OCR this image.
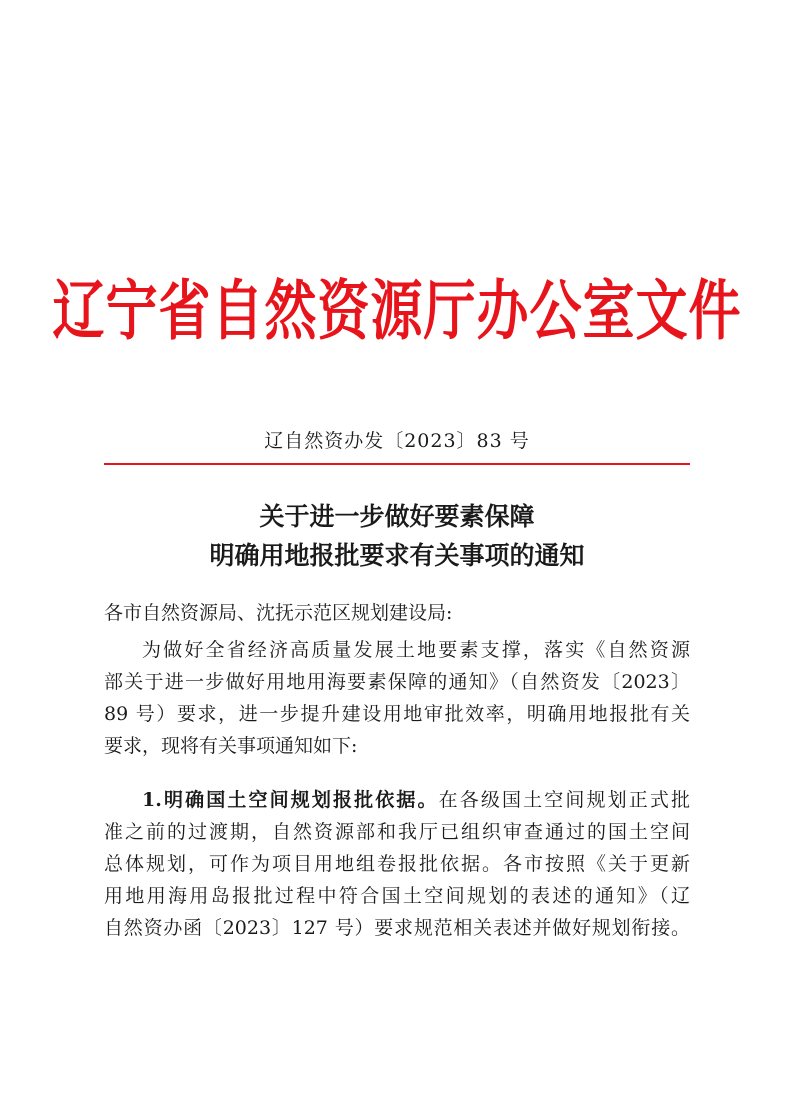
辽宁省自然资源厅办公室文件
辽自然资办发〔2023〕83 号
关于进一步做好要素保障
明确用地报批要求有关事项的通知
各市自然资源局、沈抚示范区规划建设局:
为做好全省经济高质量发展土地要素支撑，落实《自然资源
部关于进一步做好用地用海要素保障的通知》（自然资发〔2023〕
89 号）要求，进一步提升建设用地审批效率，明确用地报批有关
要求，现将有关事项通知如下:
1.明确国土空间规划报批依据。在各级国土空间规划正式批
准之前的过渡期，自然资源部和我厅已组织审查通过的国土空间
总体规划，可作为项目用地组卷报批依据。各市按照《关于更新
用地用海用岛报批过程中符合国土空间规划的表述的通知》（辽
自然资办函〔2023〕127 号）要求规范相关表述并做好规划衔接。
